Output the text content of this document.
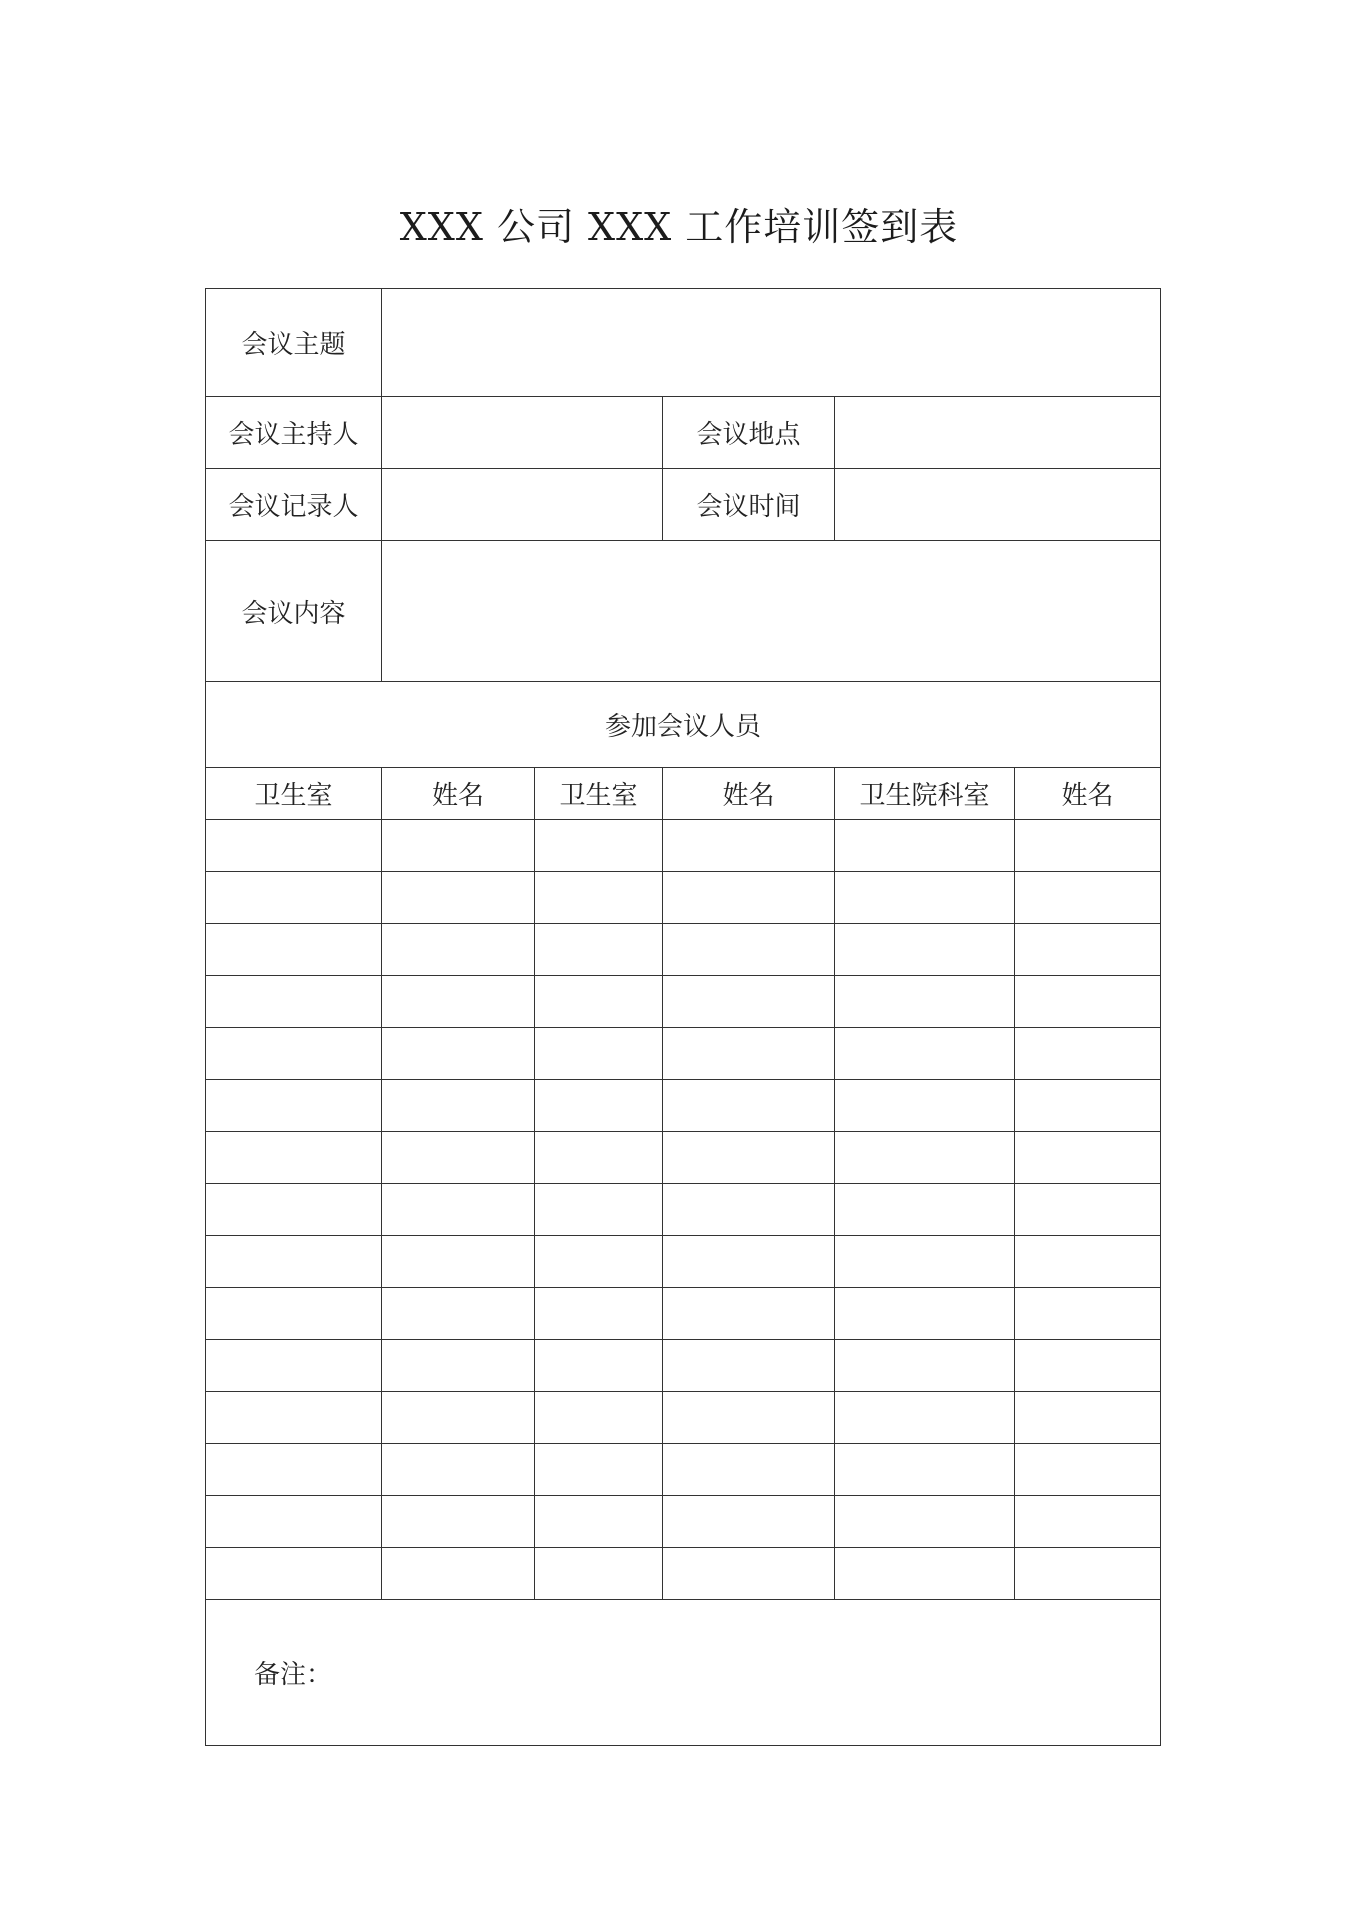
XXX 公司 XXX 工作培训签到表
会议主题					
会议主持人			会议地点		
会议记录人			会议时间		
会议内容					
参加会议人员					
卫生室	姓名	卫生室	姓名	卫生院科室	姓名

备注：					
